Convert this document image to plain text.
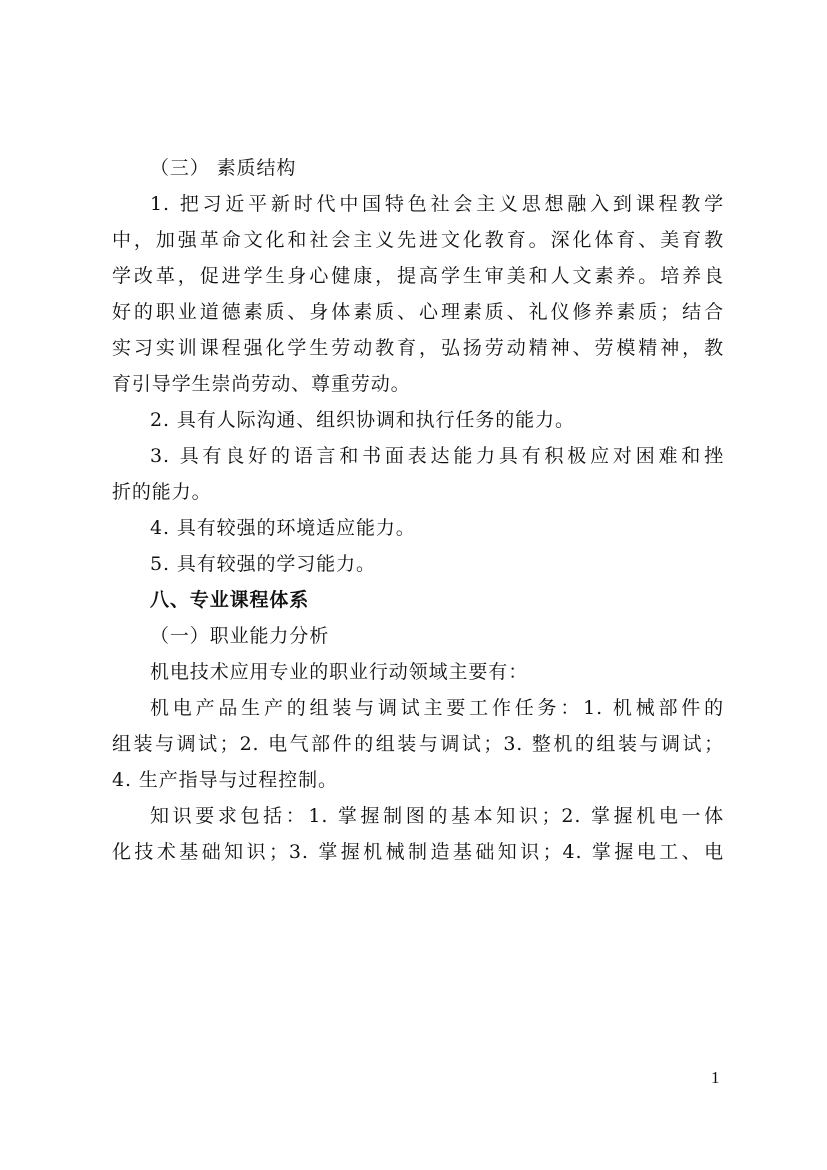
（三） 素质结构
1. 把习近平新时代中国特色社会主义思想融入到课程教学
中，加强革命文化和社会主义先进文化教育。深化体育、美育教
学改革，促进学生身心健康，提高学生审美和人文素养。培养良
好的职业道德素质、身体素质、心理素质、礼仪修养素质；结合
实习实训课程强化学生劳动教育，弘扬劳动精神、劳模精神，教
育引导学生崇尚劳动、尊重劳动。
2. 具有人际沟通、组织协调和执行任务的能力。
3. 具有良好的语言和书面表达能力具有积极应对困难和挫
折的能力。
4. 具有较强的环境适应能力。
5. 具有较强的学习能力。
八、专业课程体系
（一）职业能力分析
机电技术应用专业的职业行动领域主要有：
机电产品生产的组装与调试主要工作任务：1. 机械部件的
组装与调试；2. 电气部件的组装与调试；3. 整机的组装与调试；
4. 生产指导与过程控制。
知识要求包括：1. 掌握制图的基本知识；2. 掌握机电一体
化技术基础知识；3. 掌握机械制造基础知识；4. 掌握电工、电
1
